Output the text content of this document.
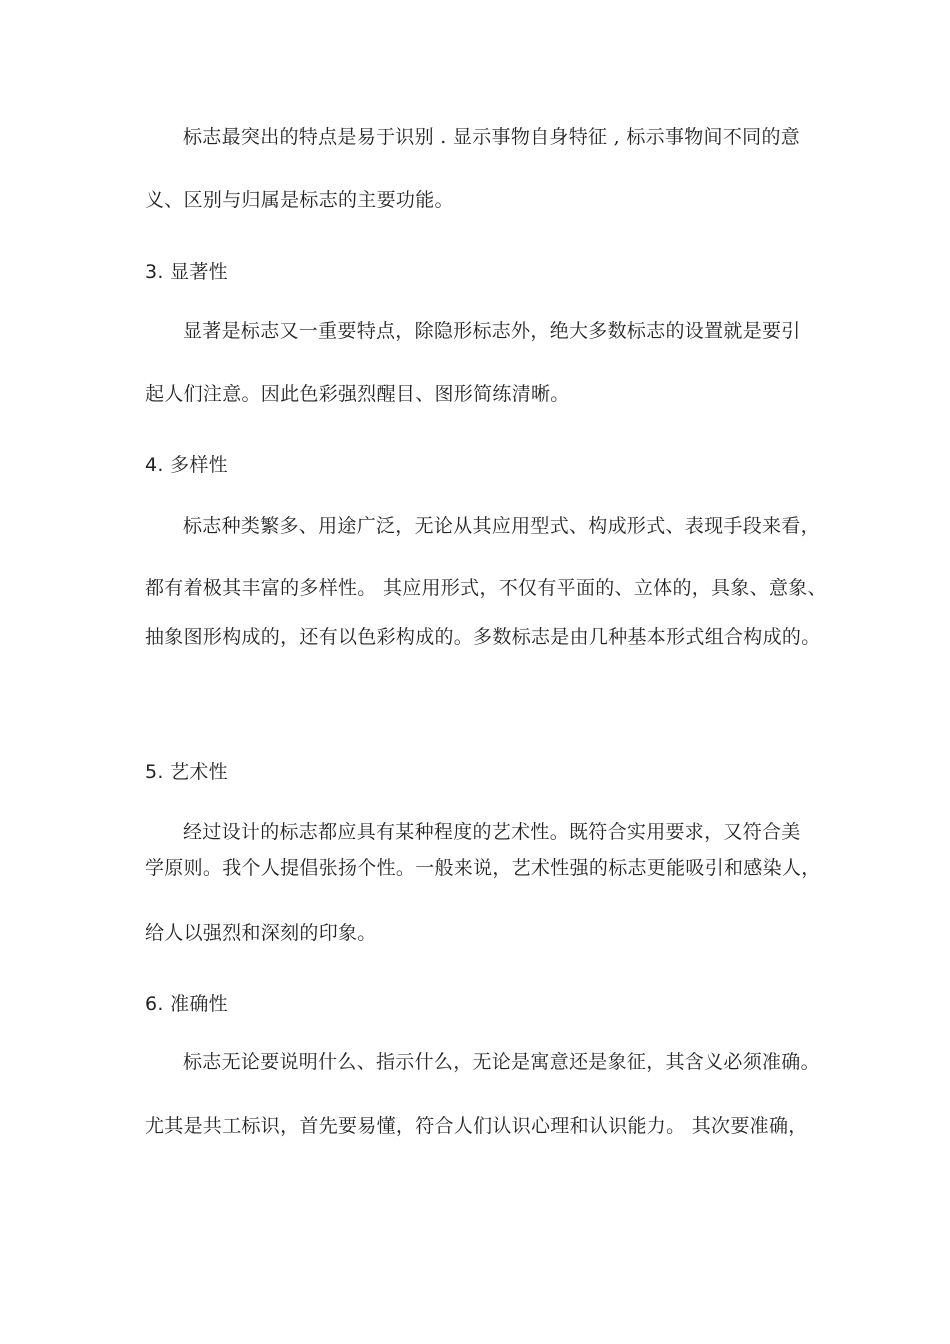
标志最突出的特点是易于识别 . 显示事物自身特征 , 标示事物间不同的意
义、区别与归属是标志的主要功能。
3. 显著性
显著是标志又一重要特点，除隐形标志外，绝大多数标志的设置就是要引
起人们注意。因此色彩强烈醒目、图形简练清晰。
4. 多样性
标志种类繁多、用途广泛，无论从其应用型式、构成形式、表现手段来看，
都有着极其丰富的多样性。 其应用形式，不仅有平面的、立体的，具象、意象、
抽象图形构成的，还有以色彩构成的。多数标志是由几种基本形式组合构成的。
5. 艺术性
经过设计的标志都应具有某种程度的艺术性。既符合实用要求，又符合美
学原则。我个人提倡张扬个性。一般来说，艺术性强的标志更能吸引和感染人，
给人以强烈和深刻的印象。
6. 准确性
标志无论要说明什么、指示什么，无论是寓意还是象征，其含义必须准确。
尤其是共工标识，首先要易懂，符合人们认识心理和认识能力。 其次要准确，
